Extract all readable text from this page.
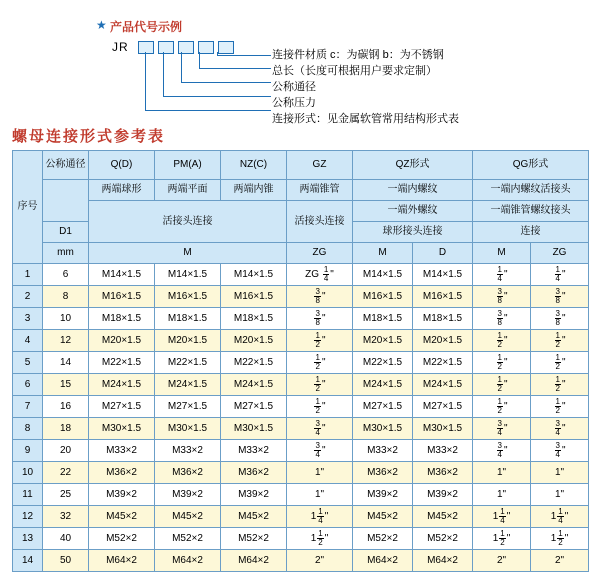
★ 产品代号示例
JR
连接件材质 c：为碳钢 b：为不锈钢
总长（长度可根据用户要求定制）
公称通径
公称压力
连接形式：见金属软管常用结构形式表
螺母连接形式参考表
序号	公称通径	Q(D)	PM(A)	NZ(C)	GZ	QZ形式		QG形式	
		两端球形	两端平面	两端内锥	两端锥管	一端内螺纹		一端内螺纹活接头	
		活接头连接			活接头连接	一端外螺纹		一端锥管螺纹接头	
	D1					球形接头连接		连接	
	mm	M			ZG	M	D	M	ZG
1	6	M14×1.5	M14×1.5	M14×1.5	ZG $\frac{1}{4}$ "	M14×1.5	M14×1.5	$\frac{1}{4}$ "	$\frac{1}{4}$ "
2	8	M16×1.5	M16×1.5	M16×1.5	$\frac{3}{8}$ "	M16×1.5	M16×1.5	$\frac{3}{8}$ "	$\frac{3}{8}$ "
3	10	M18×1.5	M18×1.5	M18×1.5	$\frac{3}{8}$ "	M18×1.5	M18×1.5	$\frac{3}{8}$ "	$\frac{3}{8}$ "
4	12	M20×1.5	M20×1.5	M20×1.5	$\frac{1}{2}$ "	M20×1.5	M20×1.5	$\frac{1}{2}$ "	$\frac{1}{2}$ "
5	14	M22×1.5	M22×1.5	M22×1.5	$\frac{1}{2}$ "	M22×1.5	M22×1.5	$\frac{1}{2}$ "	$\frac{1}{2}$ "
6	15	M24×1.5	M24×1.5	M24×1.5	$\frac{1}{2}$ "	M24×1.5	M24×1.5	$\frac{1}{2}$ "	$\frac{1}{2}$ "
7	16	M27×1.5	M27×1.5	M27×1.5	$\frac{1}{2}$ "	M27×1.5	M27×1.5	$\frac{1}{2}$ "	$\frac{1}{2}$ "
8	18	M30×1.5	M30×1.5	M30×1.5	$\frac{3}{4}$ "	M30×1.5	M30×1.5	$\frac{3}{4}$ "	$\frac{3}{4}$ "
9	20	M33×2	M33×2	M33×2	$\frac{3}{4}$ "	M33×2	M33×2	$\frac{3}{4}$ "	$\frac{3}{4}$ "
10	22	M36×2	M36×2	M36×2	1"	M36×2	M36×2	1"	1"
11	25	M39×2	M39×2	M39×2	1"	M39×2	M39×2	1"	1"
12	32	M45×2	M45×2	M45×2	$1 \frac{1}{4}$ "	M45×2	M45×2	$1 \frac{1}{4}$ "	$1 \frac{1}{4}$ "
13	40	M52×2	M52×2	M52×2	$1 \frac{1}{2}$ "	M52×2	M52×2	$1 \frac{1}{2}$ "	$1 \frac{1}{2}$ "
14	50	M64×2	M64×2	M64×2	2"	M64×2	M64×2	2"	2"
